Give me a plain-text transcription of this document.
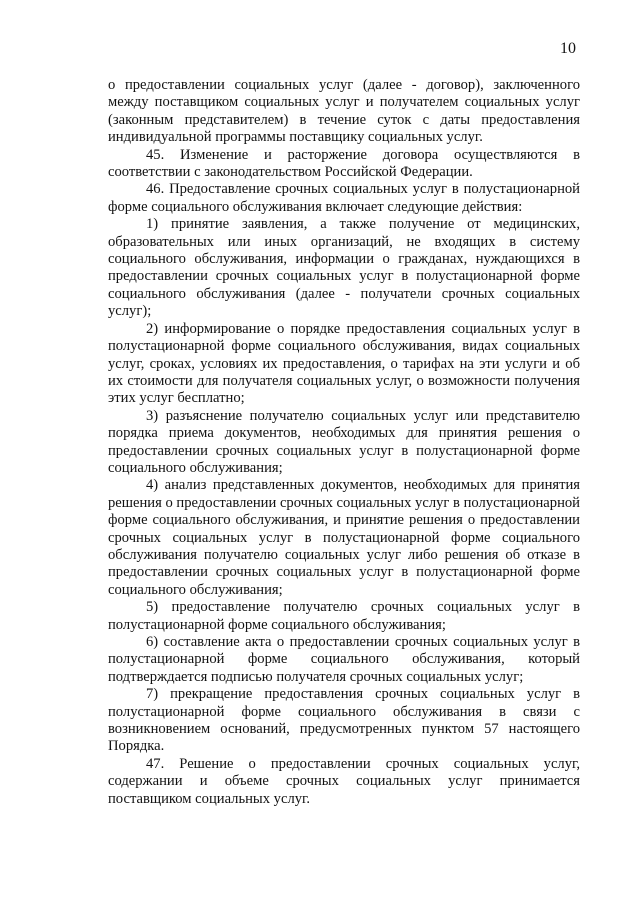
10

о предоставлении социальных услуг (далее - договор), заключенного между поставщиком социальных услуг и получателем социальных услуг (законным представителем) в течение суток с даты предоставления индивидуальной программы поставщику социальных услуг.

45. Изменение и расторжение договора осуществляются в соответствии с законодательством Российской Федерации.

46. Предоставление срочных социальных услуг в полустационарной форме социального обслуживания включает следующие действия:

1) принятие заявления, а также получение от медицинских, образовательных или иных организаций, не входящих в систему социального обслуживания, информации о гражданах, нуждающихся в предоставлении срочных социальных услуг в полустационарной форме социального обслуживания (далее - получатели срочных социальных услуг);

2) информирование о порядке предоставления социальных услуг в полустационарной форме социального обслуживания, видах социальных услуг, сроках, условиях их предоставления, о тарифах на эти услуги и об их стоимости для получателя социальных услуг, о возможности получения этих услуг бесплатно;

3) разъяснение получателю социальных услуг или представителю порядка приема документов, необходимых для принятия решения о предоставлении срочных социальных услуг в полустационарной форме социального обслуживания;

4) анализ представленных документов, необходимых для принятия решения о предоставлении срочных социальных услуг в полустационарной форме социального обслуживания, и принятие решения о предоставлении срочных социальных услуг в полустационарной форме социального обслуживания получателю социальных услуг либо решения об отказе в предоставлении срочных социальных услуг в полустационарной форме социального обслуживания;

5) предоставление получателю срочных социальных услуг в полустационарной форме социального обслуживания;

6) составление акта о предоставлении срочных социальных услуг в полустационарной форме социального обслуживания, который подтверждается подписью получателя срочных социальных услуг;

7) прекращение предоставления срочных социальных услуг в полустационарной форме социального обслуживания в связи с возникновением оснований, предусмотренных пунктом 57 настоящего Порядка.

47. Решение о предоставлении срочных социальных услуг, содержании и объеме срочных социальных услуг принимается поставщиком социальных услуг.
